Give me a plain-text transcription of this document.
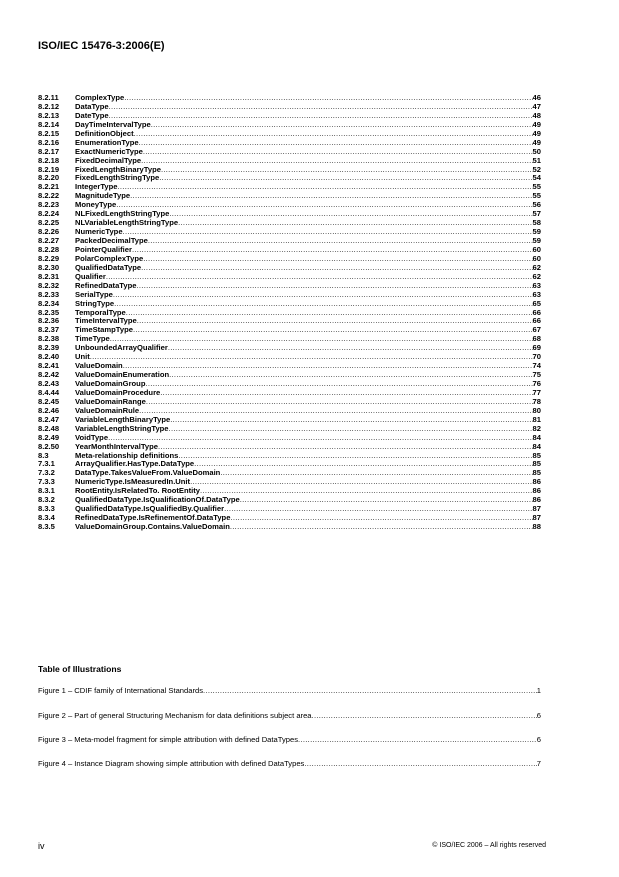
ISO/IEC 15476-3:2006(E)
8.2.11	ComplexType .....	46
8.2.12	DataType .....	47
8.2.13	DateType .....	48
8.2.14	DayTimeIntervalType .....	49
8.2.15	DefinitionObject .....	49
8.2.16	EnumerationType .....	49
8.2.17	ExactNumericType .....	50
8.2.18	FixedDecimalType .....	51
8.2.19	FixedLengthBinaryType .....	52
8.2.20	FixedLengthStringType .....	54
8.2.21	IntegerType .....	55
8.2.22	MagnitudeType .....	55
8.2.23	MoneyType .....	56
8.2.24	NLFixedLengthStringType .....	57
8.2.25	NLVariableLengthStringType .....	58
8.2.26	NumericType .....	59
8.2.27	PackedDecimalType .....	59
8.2.28	PointerQualifier .....	60
8.2.29	PolarComplexType .....	60
8.2.30	QualifiedDataType .....	62
8.2.31	Qualifier .....	62
8.2.32	RefinedDataType .....	63
8.2.33	SerialType .....	63
8.2.34	StringType .....	65
8.2.35	TemporalType .....	66
8.2.36	TimeIntervalType .....	66
8.2.37	TimeStampType .....	67
8.2.38	TimeType .....	68
8.2.39	UnboundedArrayQualifier .....	69
8.2.40	Unit .....	70
8.2.41	ValueDomain .....	74
8.2.42	ValueDomainEnumeration .....	75
8.2.43	ValueDomainGroup .....	76
8.4.44	ValueDomainProcedure .....	77
8.2.45	ValueDomainRange .....	78
8.2.46	ValueDomainRule .....	80
8.2.47	VariableLengthBinaryType .....	81
8.2.48	VariableLengthStringType .....	82
8.2.49	VoidType .....	84
8.2.50	YearMonthIntervalType .....	84
8.3	Meta-relationship definitions .....	85
7.3.1	ArrayQualifier.HasType.DataType .....	85
7.3.2	DataType.TakesValueFrom.ValueDomain .....	85
7.3.3	NumericType.IsMeasuredIn.Unit .....	86
8.3.1	RootEntity.IsRelatedTo. RootEntity .....	86
8.3.2	QualifiedDataType.IsQualificationOf.DataType .....	86
8.3.3	QualifiedDataType.IsQualifiedBy.Qualifier .....	87
8.3.4	RefinedDataType.IsRefinementOf.DataType .....	87
8.3.5	ValueDomainGroup.Contains.ValueDomain .....	88
Table of Illustrations
Figure 1 – CDIF family of International Standards .....	1
Figure 2 – Part of general Structuring Mechanism for data definitions subject area .....	6
Figure 3 – Meta-model fragment for simple attribution with defined DataTypes .....	6
Figure 4 – Instance Diagram showing simple attribution with defined DataTypes .....	7
iv	© ISO/IEC 2006 – All rights reserved
